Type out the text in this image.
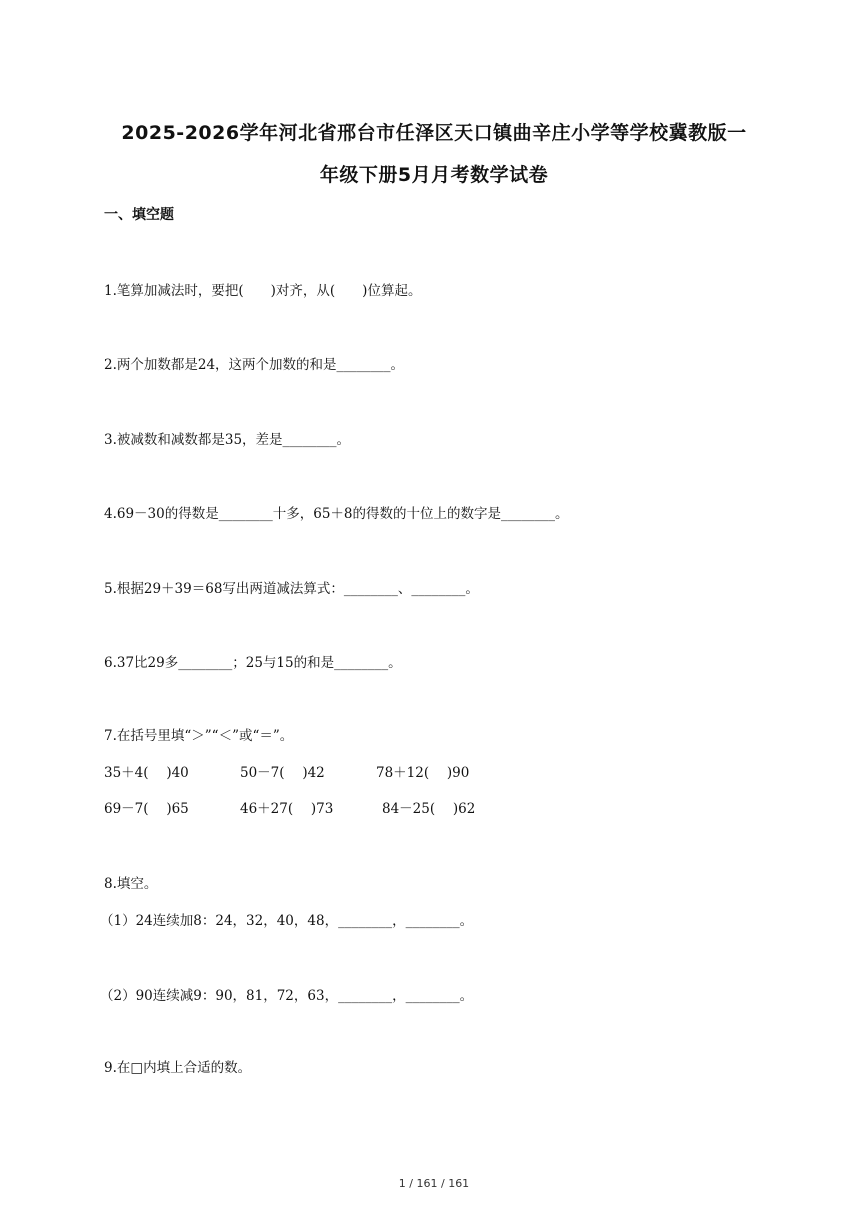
2025-2026学年河北省邢台市任泽区天口镇曲辛庄小学等学校冀教版一
年级下册5月月考数学试卷
一、填空题
1.笔算加减法时，要把(　　)对齐，从(　　)位算起。
2.两个加数都是24，这两个加数的和是________。
3.被减数和减数都是35，差是________。
4.69－30的得数是________十多，65＋8的得数的十位上的数字是________。
5.根据29＋39＝68写出两道减法算式：________、________。
6.37比29多________；25与15的和是________。
7.在括号里填“＞”“＜”或“＝”。
35＋4(　 )40	50－7(　 )42	78＋12(　 )90
69－7(　 )65	46＋27(　 )73	84－25(　 )62
8.填空。
（1）24连续加8：24，32，40，48，________，________。
（2）90连续减9：90，81，72，63，________，________。
9.在□内填上合适的数。
1 / 161 / 161
